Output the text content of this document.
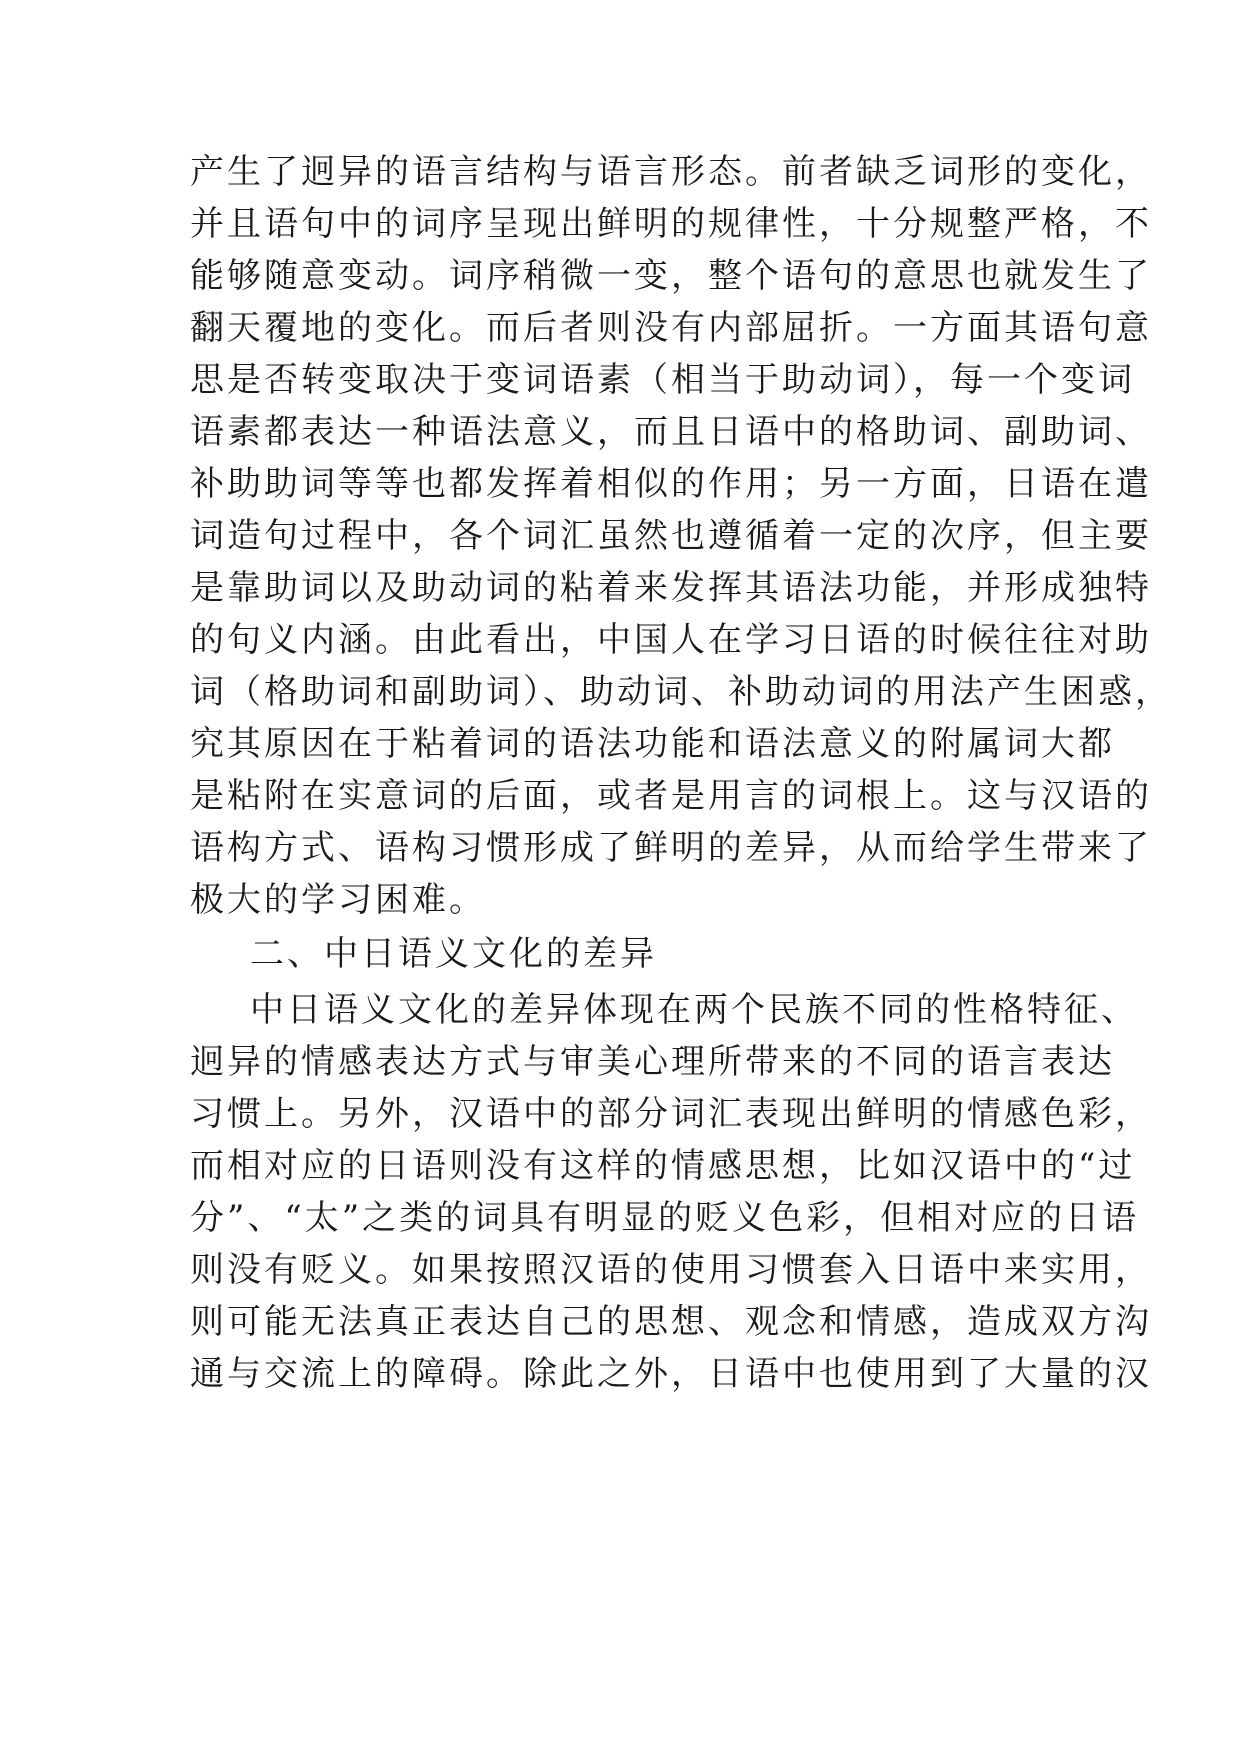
产生了迥异的语言结构与语言形态。前者缺乏词形的变化，
并且语句中的词序呈现出鲜明的规律性，十分规整严格，不
能够随意变动。词序稍微一变，整个语句的意思也就发生了
翻天覆地的变化。而后者则没有内部屈折。一方面其语句意
思是否转变取决于变词语素（相当于助动词），每一个变词
语素都表达一种语法意义，而且日语中的格助词、副助词、
补助助词等等也都发挥着相似的作用；另一方面，日语在遣
词造句过程中，各个词汇虽然也遵循着一定的次序，但主要
是靠助词以及助动词的粘着来发挥其语法功能，并形成独特
的句义内涵。由此看出，中国人在学习日语的时候往往对助
词（格助词和副助词）、助动词、补助动词的用法产生困惑，
究其原因在于粘着词的语法功能和语法意义的附属词大都
是粘附在实意词的后面，或者是用言的词根上。这与汉语的
语构方式、语构习惯形成了鲜明的差异，从而给学生带来了
极大的学习困难。
二、中日语义文化的差异
中日语义文化的差异体现在两个民族不同的性格特征、
迥异的情感表达方式与审美心理所带来的不同的语言表达
习惯上。另外，汉语中的部分词汇表现出鲜明的情感色彩，
而相对应的日语则没有这样的情感思想，比如汉语中的“过
分”、“太”之类的词具有明显的贬义色彩，但相对应的日语
则没有贬义。如果按照汉语的使用习惯套入日语中来实用，
则可能无法真正表达自己的思想、观念和情感，造成双方沟
通与交流上的障碍。除此之外，日语中也使用到了大量的汉
